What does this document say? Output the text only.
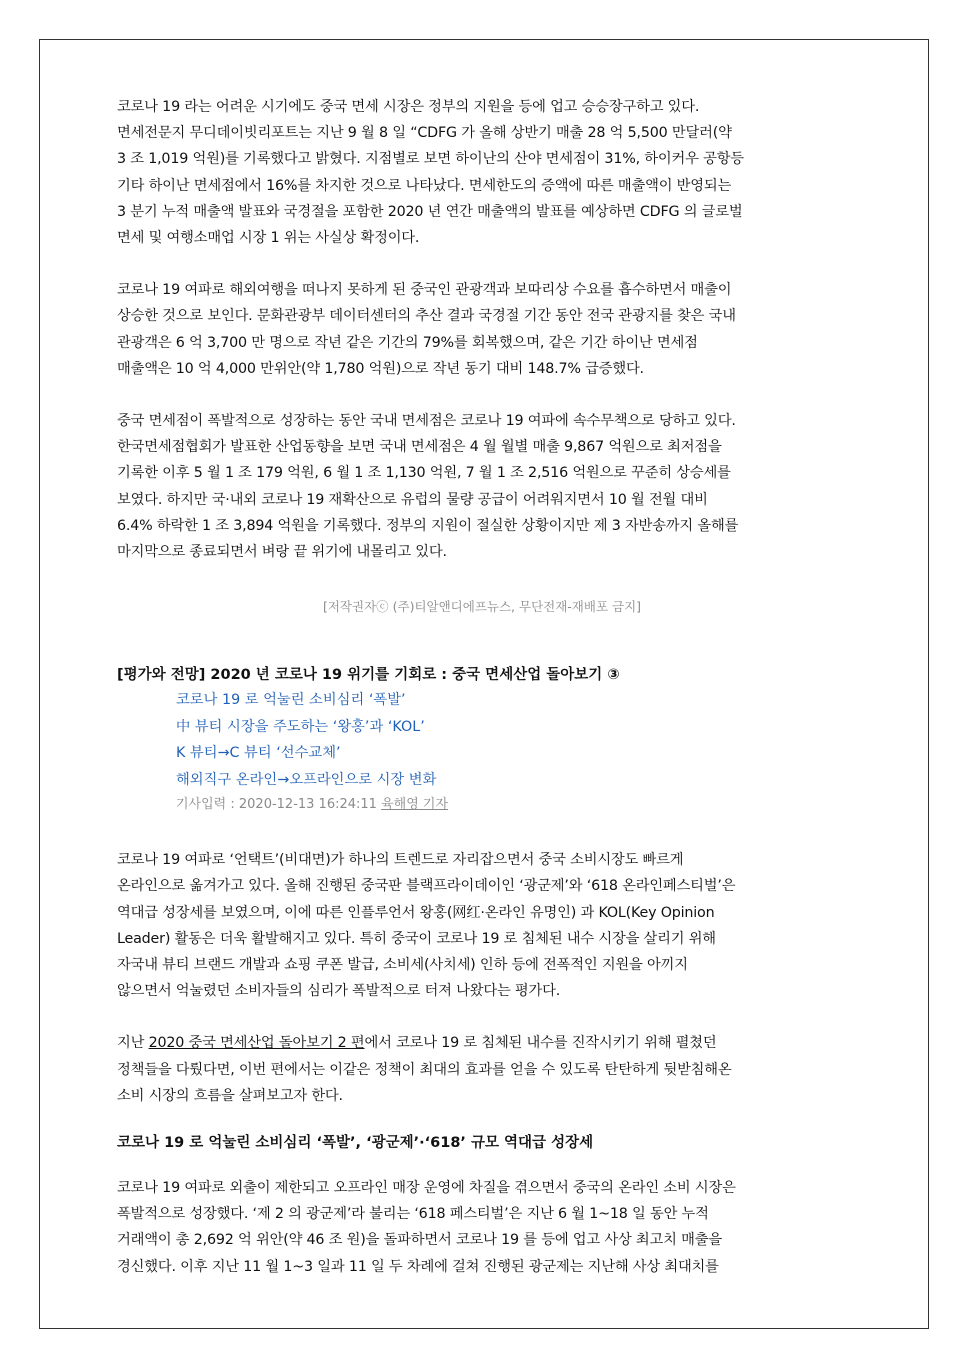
코로나 19 라는 어려운 시기에도 중국 면세 시장은 정부의 지원을 등에 업고 승승장구하고 있다.
면세전문지 무디데이빗리포트는 지난 9 월 8 일 “CDFG 가 올해 상반기 매출 28 억 5,500 만달러(약
3 조 1,019 억원)를 기록했다고 밝혔다. 지점별로 보면 하이난의 산야 면세점이 31%, 하이커우 공항등
기타 하이난 면세점에서 16%를 차지한 것으로 나타났다. 면세한도의 증액에 따른 매출액이 반영되는
3 분기 누적 매출액 발표와 국경절을 포함한 2020 년 연간 매출액의 발표를 예상하면 CDFG 의 글로벌
면세 및 여행소매업 시장 1 위는 사실상 확정이다.

코로나 19 여파로 해외여행을 떠나지 못하게 된 중국인 관광객과 보따리상 수요를 흡수하면서 매출이
상승한 것으로 보인다. 문화관광부 데이터센터의 추산 결과 국경절 기간 동안 전국 관광지를 찾은 국내
관광객은 6 억 3,700 만 명으로 작년 같은 기간의 79%를 회복했으며, 같은 기간 하이난 면세점
매출액은 10 억 4,000 만위안(약 1,780 억원)으로 작년 동기 대비 148.7% 급증했다.

중국 면세점이 폭발적으로 성장하는 동안 국내 면세점은 코로나 19 여파에 속수무책으로 당하고 있다.
한국면세점협회가 발표한 산업동향을 보면 국내 면세점은 4 월 월별 매출 9,867 억원으로 최저점을
기록한 이후 5 월 1 조 179 억원, 6 월 1 조 1,130 억원, 7 월 1 조 2,516 억원으로 꾸준히 상승세를
보였다. 하지만 국·내외 코로나 19 재확산으로 유럽의 물량 공급이 어려워지면서 10 월 전월 대비
6.4% 하락한 1 조 3,894 억원을 기록했다. 정부의 지원이 절실한 상황이지만 제 3 자반송까지 올해를
마지막으로 종료되면서 벼랑 끝 위기에 내몰리고 있다.

[저작권자ⓒ (주)티알앤디에프뉴스, 무단전재-재배포 금지]

[평가와 전망] 2020 년 코로나 19 위기를 기회로 : 중국 면세산업 돌아보기 ③

코로나 19 로 억눌린 소비심리 ‘폭발’
中 뷰티 시장을 주도하는 ‘왕홍’과 ‘KOL’
K 뷰티→C 뷰티 ‘선수교체’
해외직구 온라인→오프라인으로 시장 변화
기사입력 : 2020-12-13 16:24:11 육해영 기자

코로나 19 여파로 ‘언택트’(비대면)가 하나의 트렌드로 자리잡으면서 중국 소비시장도 빠르게
온라인으로 옮겨가고 있다. 올해 진행된 중국판 블랙프라이데이인 ‘광군제’와 ‘618 온라인페스티벌’은
역대급 성장세를 보였으며, 이에 따른 인플루언서 왕홍(网红·온라인 유명인) 과 KOL(Key Opinion
Leader) 활동은 더욱 활발해지고 있다. 특히 중국이 코로나 19 로 침체된 내수 시장을 살리기 위해
자국내 뷰티 브랜드 개발과 쇼핑 쿠폰 발급, 소비세(사치세) 인하 등에 전폭적인 지원을 아끼지
않으면서 억눌렸던 소비자들의 심리가 폭발적으로 터져 나왔다는 평가다.

지난 2020 중국 면세산업 돌아보기 2 편에서 코로나 19 로 침체된 내수를 진작시키기 위해 펼쳤던
정책들을 다뤘다면, 이번 편에서는 이같은 정책이 최대의 효과를 얻을 수 있도록 탄탄하게 뒷받침해온
소비 시장의 흐름을 살펴보고자 한다.

코로나 19 로 억눌린 소비심리 ‘폭발’, ‘광군제’·‘618’ 규모 역대급 성장세

코로나 19 여파로 외출이 제한되고 오프라인 매장 운영에 차질을 겪으면서 중국의 온라인 소비 시장은
폭발적으로 성장했다. ‘제 2 의 광군제’라 불리는 ‘618 페스티벌’은 지난 6 월 1~18 일 동안 누적
거래액이 총 2,692 억 위안(약 46 조 원)을 돌파하면서 코로나 19 를 등에 업고 사상 최고치 매출을
경신했다. 이후 지난 11 월 1~3 일과 11 일 두 차례에 걸쳐 진행된 광군제는 지난해 사상 최대치를
